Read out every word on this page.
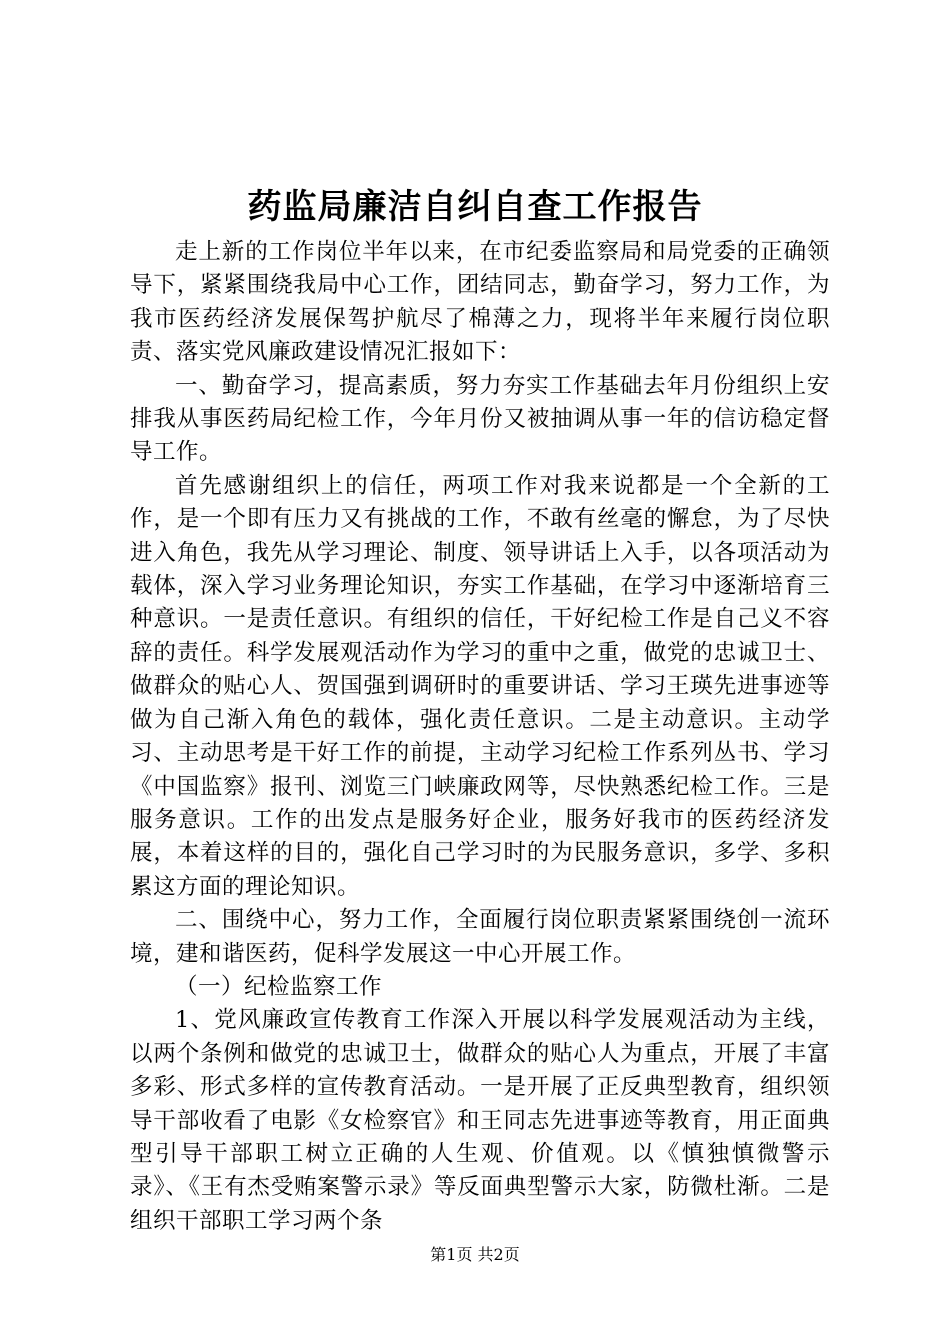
药监局廉洁自纠自查工作报告

走上新的工作岗位半年以来，在市纪委监察局和局党委的正确领导下，紧紧围绕我局中心工作，团结同志，勤奋学习，努力工作，为我市医药经济发展保驾护航尽了棉薄之力，现将半年来履行岗位职责、落实党风廉政建设情况汇报如下：

一、勤奋学习，提高素质，努力夯实工作基础去年月份组织上安排我从事医药局纪检工作，今年月份又被抽调从事一年的信访稳定督导工作。

首先感谢组织上的信任，两项工作对我来说都是一个全新的工作，是一个即有压力又有挑战的工作，不敢有丝毫的懈怠，为了尽快进入角色，我先从学习理论、制度、领导讲话上入手，以各项活动为载体，深入学习业务理论知识，夯实工作基础，在学习中逐渐培育三种意识。一是责任意识。有组织的信任，干好纪检工作是自己义不容辞的责任。科学发展观活动作为学习的重中之重，做党的忠诚卫士、做群众的贴心人、贺国强到调研时的重要讲话、学习王瑛先进事迹等做为自己渐入角色的载体，强化责任意识。二是主动意识。主动学习、主动思考是干好工作的前提，主动学习纪检工作系列丛书、学习《中国监察》报刊、浏览三门峡廉政网等，尽快熟悉纪检工作。三是服务意识。工作的出发点是服务好企业，服务好我市的医药经济发展，本着这样的目的，强化自己学习时的为民服务意识，多学、多积累这方面的理论知识。

二、围绕中心，努力工作，全面履行岗位职责紧紧围绕创一流环境，建和谐医药，促科学发展这一中心开展工作。

（一）纪检监察工作

1、党风廉政宣传教育工作深入开展以科学发展观活动为主线，以两个条例和做党的忠诚卫士，做群众的贴心人为重点，开展了丰富多彩、形式多样的宣传教育活动。一是开展了正反典型教育，组织领导干部收看了电影《女检察官》和王同志先进事迹等教育，用正面典型引导干部职工树立正确的人生观、价值观。以《慎独慎微警示录》、《王有杰受贿案警示录》等反面典型警示大家，防微杜渐。二是组织干部职工学习两个条

第1页 共2页
